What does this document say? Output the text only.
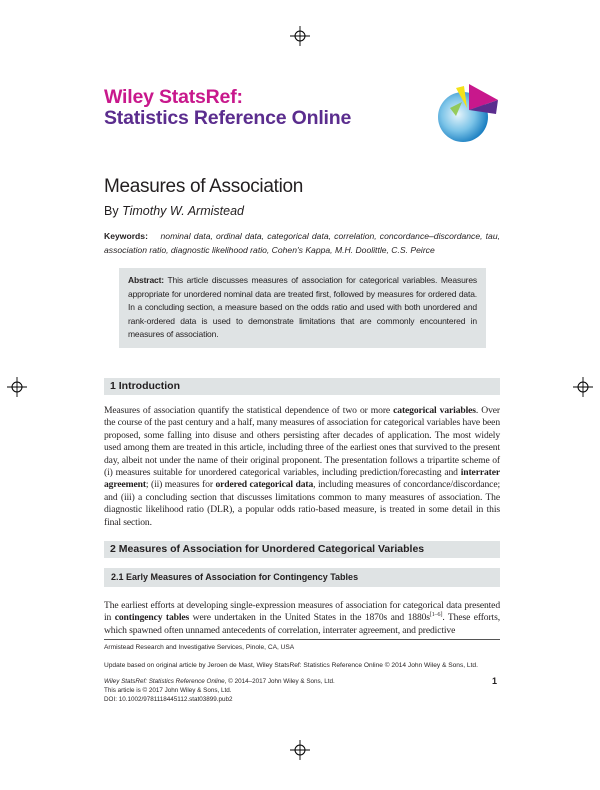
Wiley StatsRef:
Statistics Reference Online
Measures of Association
By Timothy W. Armistead
Keywords: nominal data, ordinal data, categorical data, correlation, concordance–discordance, tau, association ratio, diagnostic likelihood ratio, Cohen's Kappa, M.H. Doolittle, C.S. Peirce
Abstract: This article discusses measures of association for categorical variables. Measures appropriate for unordered nominal data are treated first, followed by measures for ordered data. In a concluding section, a measure based on the odds ratio and used with both unordered and rank-ordered data is used to demonstrate limitations that are commonly encountered in measures of association.
1 Introduction
Measures of association quantify the statistical dependence of two or more categorical variables. Over the course of the past century and a half, many measures of association for categorical variables have been proposed, some falling into disuse and others persisting after decades of application. The most widely used among them are treated in this article, including three of the earliest ones that survived to the present day, albeit not under the name of their original proponent. The presentation follows a tripartite scheme of (i) measures suitable for unordered categorical variables, including prediction/forecasting and interrater agreement; (ii) measures for ordered categorical data, including measures of concordance/discordance; and (iii) a concluding section that discusses limitations common to many measures of association. The diagnostic likelihood ratio (DLR), a popular odds ratio-based measure, is treated in some detail in this final section.
2 Measures of Association for Unordered Categorical Variables
2.1 Early Measures of Association for Contingency Tables
The earliest efforts at developing single-expression measures of association for categorical data presented in contingency tables were undertaken in the United States in the 1870s and 1880s[1–6]. These efforts, which spawned often unnamed antecedents of correlation, interrater agreement, and predictive
Armistead Research and Investigative Services, Pinole, CA, USA
Update based on original article by Jeroen de Mast, Wiley StatsRef: Statistics Reference Online © 2014 John Wiley & Sons, Ltd.
Wiley StatsRef: Statistics Reference Online, © 2014–2017 John Wiley & Sons, Ltd.
This article is © 2017 John Wiley & Sons, Ltd.
DOI: 10.1002/9781118445112.stat03899.pub2
1
